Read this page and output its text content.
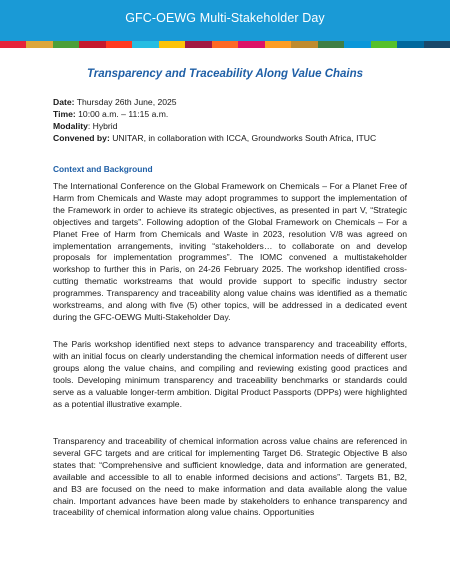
GFC-OEWG Multi-Stakeholder Day
Transparency and Traceability Along Value Chains
Date: Thursday 26th June, 2025
Time: 10:00 a.m. – 11:15 a.m.
Modality: Hybrid
Convened by: UNITAR, in collaboration with ICCA, Groundworks South Africa, ITUC
Context and Background

The International Conference on the Global Framework on Chemicals – For a Planet Free of Harm from Chemicals and Waste may adopt programmes to support the implementation of the Framework in order to achieve its strategic objectives, as presented in part V, “Strategic objectives and targets”. Following adoption of the Global Framework on Chemicals – For a Planet Free of Harm from Chemicals and Waste in 2023, resolution V/8 was agreed on implementation arrangements, inviting “stakeholders… to collaborate on and develop proposals for implementation programmes”. The IOMC convened a multistakeholder workshop to further this in Paris, on 24-26 February 2025. The workshop identified cross-cutting thematic workstreams that would provide support to specific industry sector programmes. Transparency and traceability along value chains was identified as a thematic workstreams, and along with five (5) other topics, will be addressed in a dedicated event during the GFC-OEWG Multi-Stakeholder Day.

The Paris workshop identified next steps to advance transparency and traceability efforts, with an initial focus on clearly understanding the chemical information needs of different user groups along the value chains, and compiling and reviewing existing good practices and tools. Developing minimum transparency and traceability benchmarks or standards could serve as a valuable longer-term ambition. Digital Product Passports (DPPs) were highlighted as a potential illustrative example.

Transparency and traceability of chemical information across value chains are referenced in several GFC targets and are critical for implementing Target D6. Strategic Objective B also states that: “Comprehensive and sufficient knowledge, data and information are generated, available and accessible to all to enable informed decisions and actions”. Targets B1, B2, and B3 are focused on the need to make information and data available along the value chain. Important advances have been made by stakeholders to enhance transparency and traceability of chemical information along value chains. Opportunities
